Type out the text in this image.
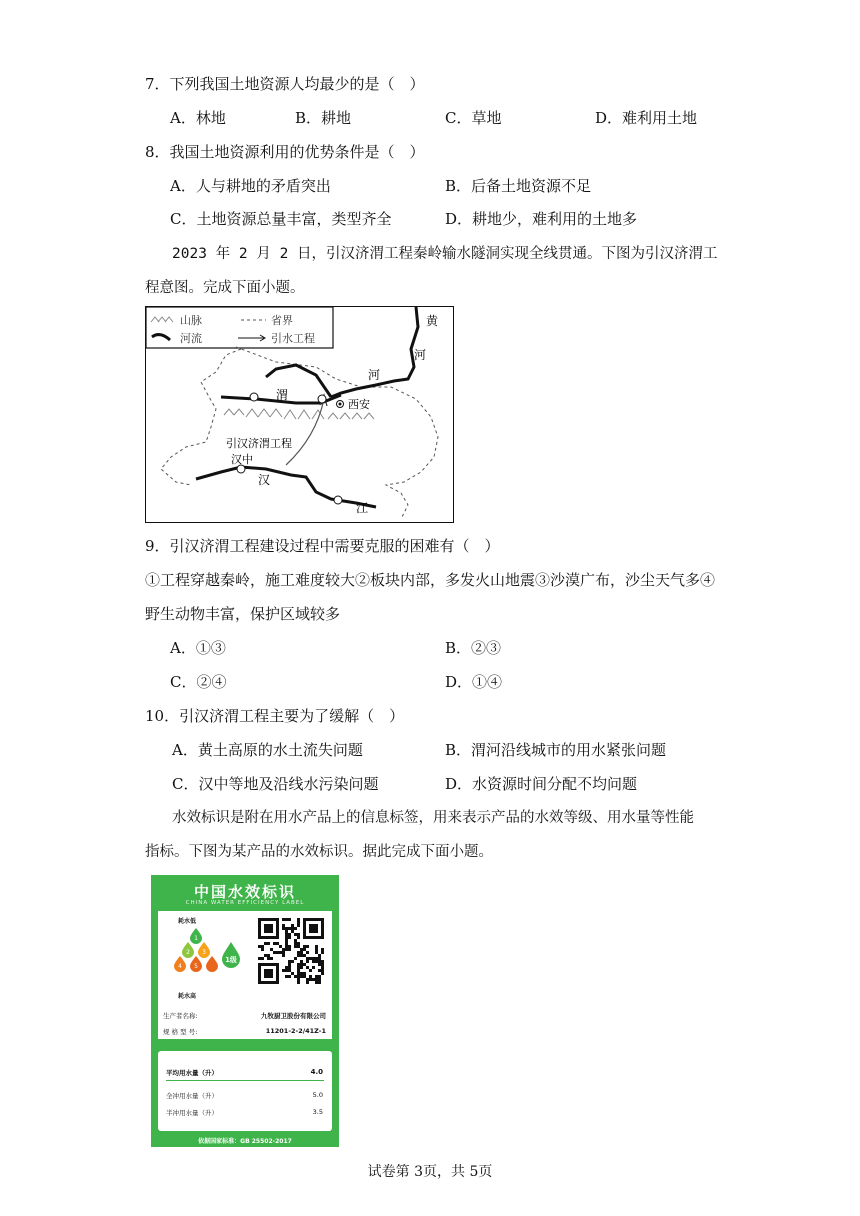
7．下列我国土地资源人均最少的是（　）
A．林地	B．耕地	C．草地	D．难利用土地
8．我国土地资源利用的优势条件是（　）
A．人与耕地的矛盾突出	B．后备土地资源不足
C．土地资源总量丰富，类型齐全	D．耕地少，难利用的土地多
2023 年 2 月 2 日，引汉济渭工程秦岭输水隧洞实现全线贯通。下图为引汉济渭工
程意图。完成下面小题。
山脉	省界
河流	引水工程
黄
河
河
渭
西安
引汉济渭工程
汉中
汉
江
9．引汉济渭工程建设过程中需要克服的困难有（　）
①工程穿越秦岭，施工难度较大②板块内部，多发火山地震③沙漠广布，沙尘天气多④
野生动物丰富，保护区域较多
A．①③	B．②③
C．②④	D．①④
10．引汉济渭工程主要为了缓解（　）
A．黄土高原的水土流失问题	B．渭河沿线城市的用水紧张问题
C．汉中等地及沿线水污染问题	D．水资源时间分配不均问题
水效标识是附在用水产品上的信息标签，用来表示产品的水效等级、用水量等性能
指标。下图为某产品的水效标识。据此完成下面小题。
中国水效标识
CHINA WATER EFFICIENCY LABEL
耗水低
1
2 3
4 5
耗水高
1级
生产者名称:	九牧厨卫股份有限公司
规 格 型 号:	11201-2-2/41Z-1
平均用水量（升）	4.0
全冲用水量（升）	5.0
半冲用水量（升）	3.5
依据国家标准：GB 25502-2017
试卷第 3页，共 5页
